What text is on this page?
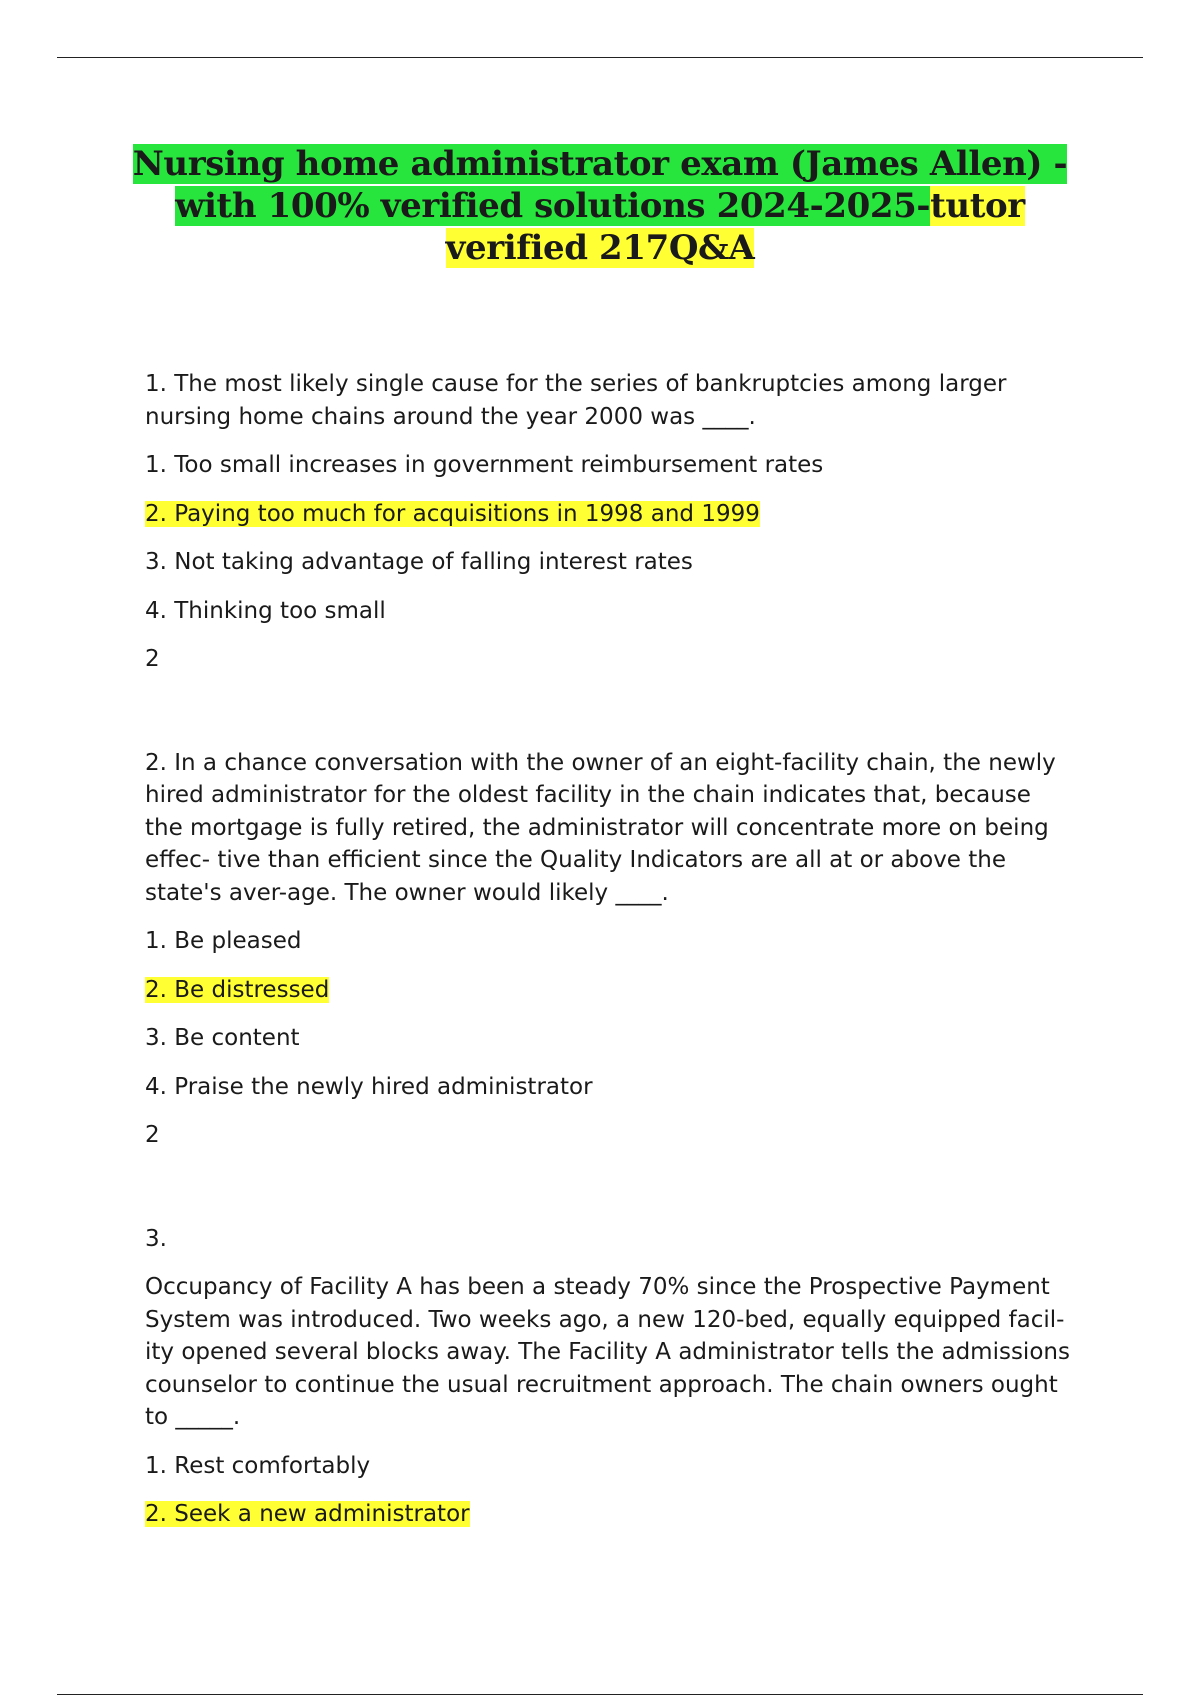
Nursing home administrator exam (James Allen) -with 100% verified solutions 2024-2025-tutor verified 217Q&A

1. The most likely single cause for the series of bankruptcies among larger nursing home chains around the year 2000 was ____.

1. Too small increases in government reimbursement rates

2. Paying too much for acquisitions in 1998 and 1999

3. Not taking advantage of falling interest rates

4. Thinking too small

2

2. In a chance conversation with the owner of an eight-facility chain, the newly hired administrator for the oldest facility in the chain indicates that, because the mortgage is fully retired, the administrator will concentrate more on being effec- tive than efficient since the Quality Indicators are all at or above the state's aver-age. The owner would likely ____.

1. Be pleased

2. Be distressed

3. Be content

4. Praise the newly hired administrator

2

3.

Occupancy of Facility A has been a steady 70% since the Prospective Payment System was introduced. Two weeks ago, a new 120-bed, equally equipped facil- ity opened several blocks away. The Facility A administrator tells the admissions counselor to continue the usual recruitment approach. The chain owners ought to _____.

1. Rest comfortably

2. Seek a new administrator
